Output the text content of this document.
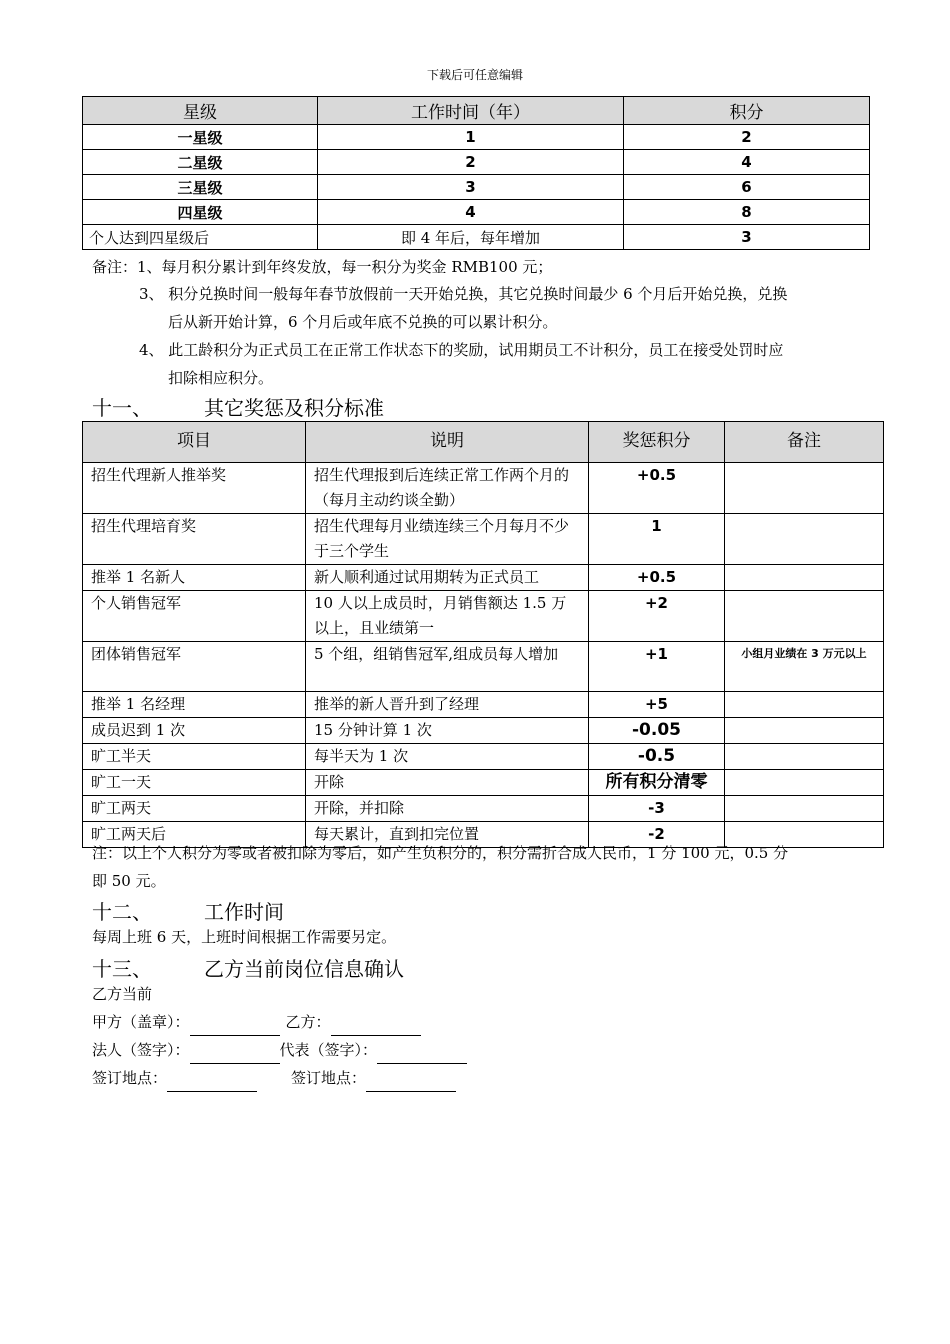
下载后可任意编辑
星级	工作时间（年）	积分
一星级	1	2
二星级	2	4
三星级	3	6
四星级	4	8
个人达到四星级后	即 4 年后，每年增加	3
备注：1、每月积分累计到年终发放，每一积分为奖金 RMB100 元；
3、 积分兑换时间一般每年春节放假前一天开始兑换，其它兑换时间最少 6 个月后开始兑换，兑换
后从新开始计算，6 个月后或年底不兑换的可以累计积分。
4、 此工龄积分为正式员工在正常工作状态下的奖励，试用期员工不计积分，员工在接受处罚时应
扣除相应积分。
十一、	其它奖惩及积分标准
项目	说明	奖惩积分	备注
招生代理新人推举奖	招生代理报到后连续正常工作两个月的（每月主动约谈全勤）	+0.5	
招生代理培育奖	招生代理每月业绩连续三个月每月不少于三个学生	1	
推举 1 名新人	新人顺利通过试用期转为正式员工	+0.5	
个人销售冠军	10 人以上成员时，月销售额达 1.5 万以上，且业绩第一	+2	
团体销售冠军	5 个组，组销售冠军,组成员每人增加	+1	小组月业绩在 3 万元以上
推举 1 名经理	推举的新人晋升到了经理	+5	
成员迟到 1 次	15 分钟计算 1 次	-0.05	
旷工半天	每半天为 1 次	-0.5	
旷工一天	开除	所有积分清零	
旷工两天	开除，并扣除	-3	
旷工两天后	每天累计，直到扣完位置	-2	
注：以上个人积分为零或者被扣除为零后，如产生负积分的，积分需折合成人民币，1 分 100 元，0.5 分
即 50 元。
十二、	工作时间
每周上班 6 天，上班时间根据工作需要另定。
十三、	乙方当前岗位信息确认
乙方当前
甲方（盖章）：	乙方：
法人（签字）：	代表（签字）：
签订地点：	签订地点：
